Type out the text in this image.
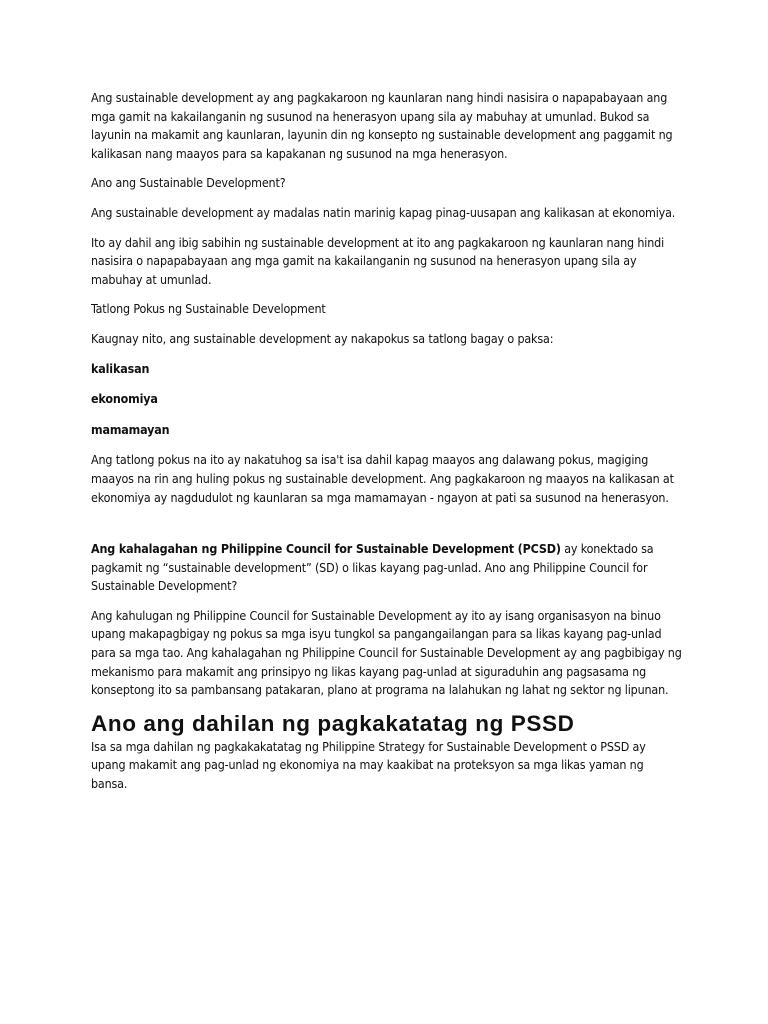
Ang sustainable development ay ang pagkakaroon ng kaunlaran nang hindi nasisira o napapabayaan ang mga gamit na kakailanganin ng susunod na henerasyon upang sila ay mabuhay at umunlad. Bukod sa layunin na makamit ang kaunlaran, layunin din ng konsepto ng sustainable development ang paggamit ng kalikasan nang maayos para sa kapakanan ng susunod na mga henerasyon.

Ano ang Sustainable Development?

Ang sustainable development ay madalas natin marinig kapag pinag-uusapan ang kalikasan at ekonomiya.

Ito ay dahil ang ibig sabihin ng sustainable development at ito ang pagkakaroon ng kaunlaran nang hindi nasisira o napapabayaan ang mga gamit na kakailanganin ng susunod na henerasyon upang sila ay mabuhay at umunlad.

Tatlong Pokus ng Sustainable Development

Kaugnay nito, ang sustainable development ay nakapokus sa tatlong bagay o paksa:

kalikasan

ekonomiya

mamamayan

Ang tatlong pokus na ito ay nakatuhog sa isa't isa dahil kapag maayos ang dalawang pokus, magiging maayos na rin ang huling pokus ng sustainable development. Ang pagkakaroon ng maayos na kalikasan at ekonomiya ay nagdudulot ng kaunlaran sa mga mamamayan - ngayon at pati sa susunod na henerasyon.

Ang kahalagahan ng Philippine Council for Sustainable Development (PCSD) ay konektado sa pagkamit ng “sustainable development” (SD) o likas kayang pag-unlad. Ano ang Philippine Council for Sustainable Development?

Ang kahulugan ng Philippine Council for Sustainable Development ay ito ay isang organisasyon na binuo upang makapagbigay ng pokus sa mga isyu tungkol sa pangangailangan para sa likas kayang pag-unlad para sa mga tao. Ang kahalagahan ng Philippine Council for Sustainable Development ay ang pagbibigay ng mekanismo para makamit ang prinsipyo ng likas kayang pag-unlad at siguraduhin ang pagsasama ng konseptong ito sa pambansang patakaran, plano at programa na lalahukan ng lahat ng sektor ng lipunan.

Ano ang dahilan ng pagkakatatag ng PSSD

Isa sa mga dahilan ng pagkakakatatag ng Philippine Strategy for Sustainable Development o PSSD ay upang makamit ang pag-unlad ng ekonomiya na may kaakibat na proteksyon sa mga likas yaman ng bansa.
